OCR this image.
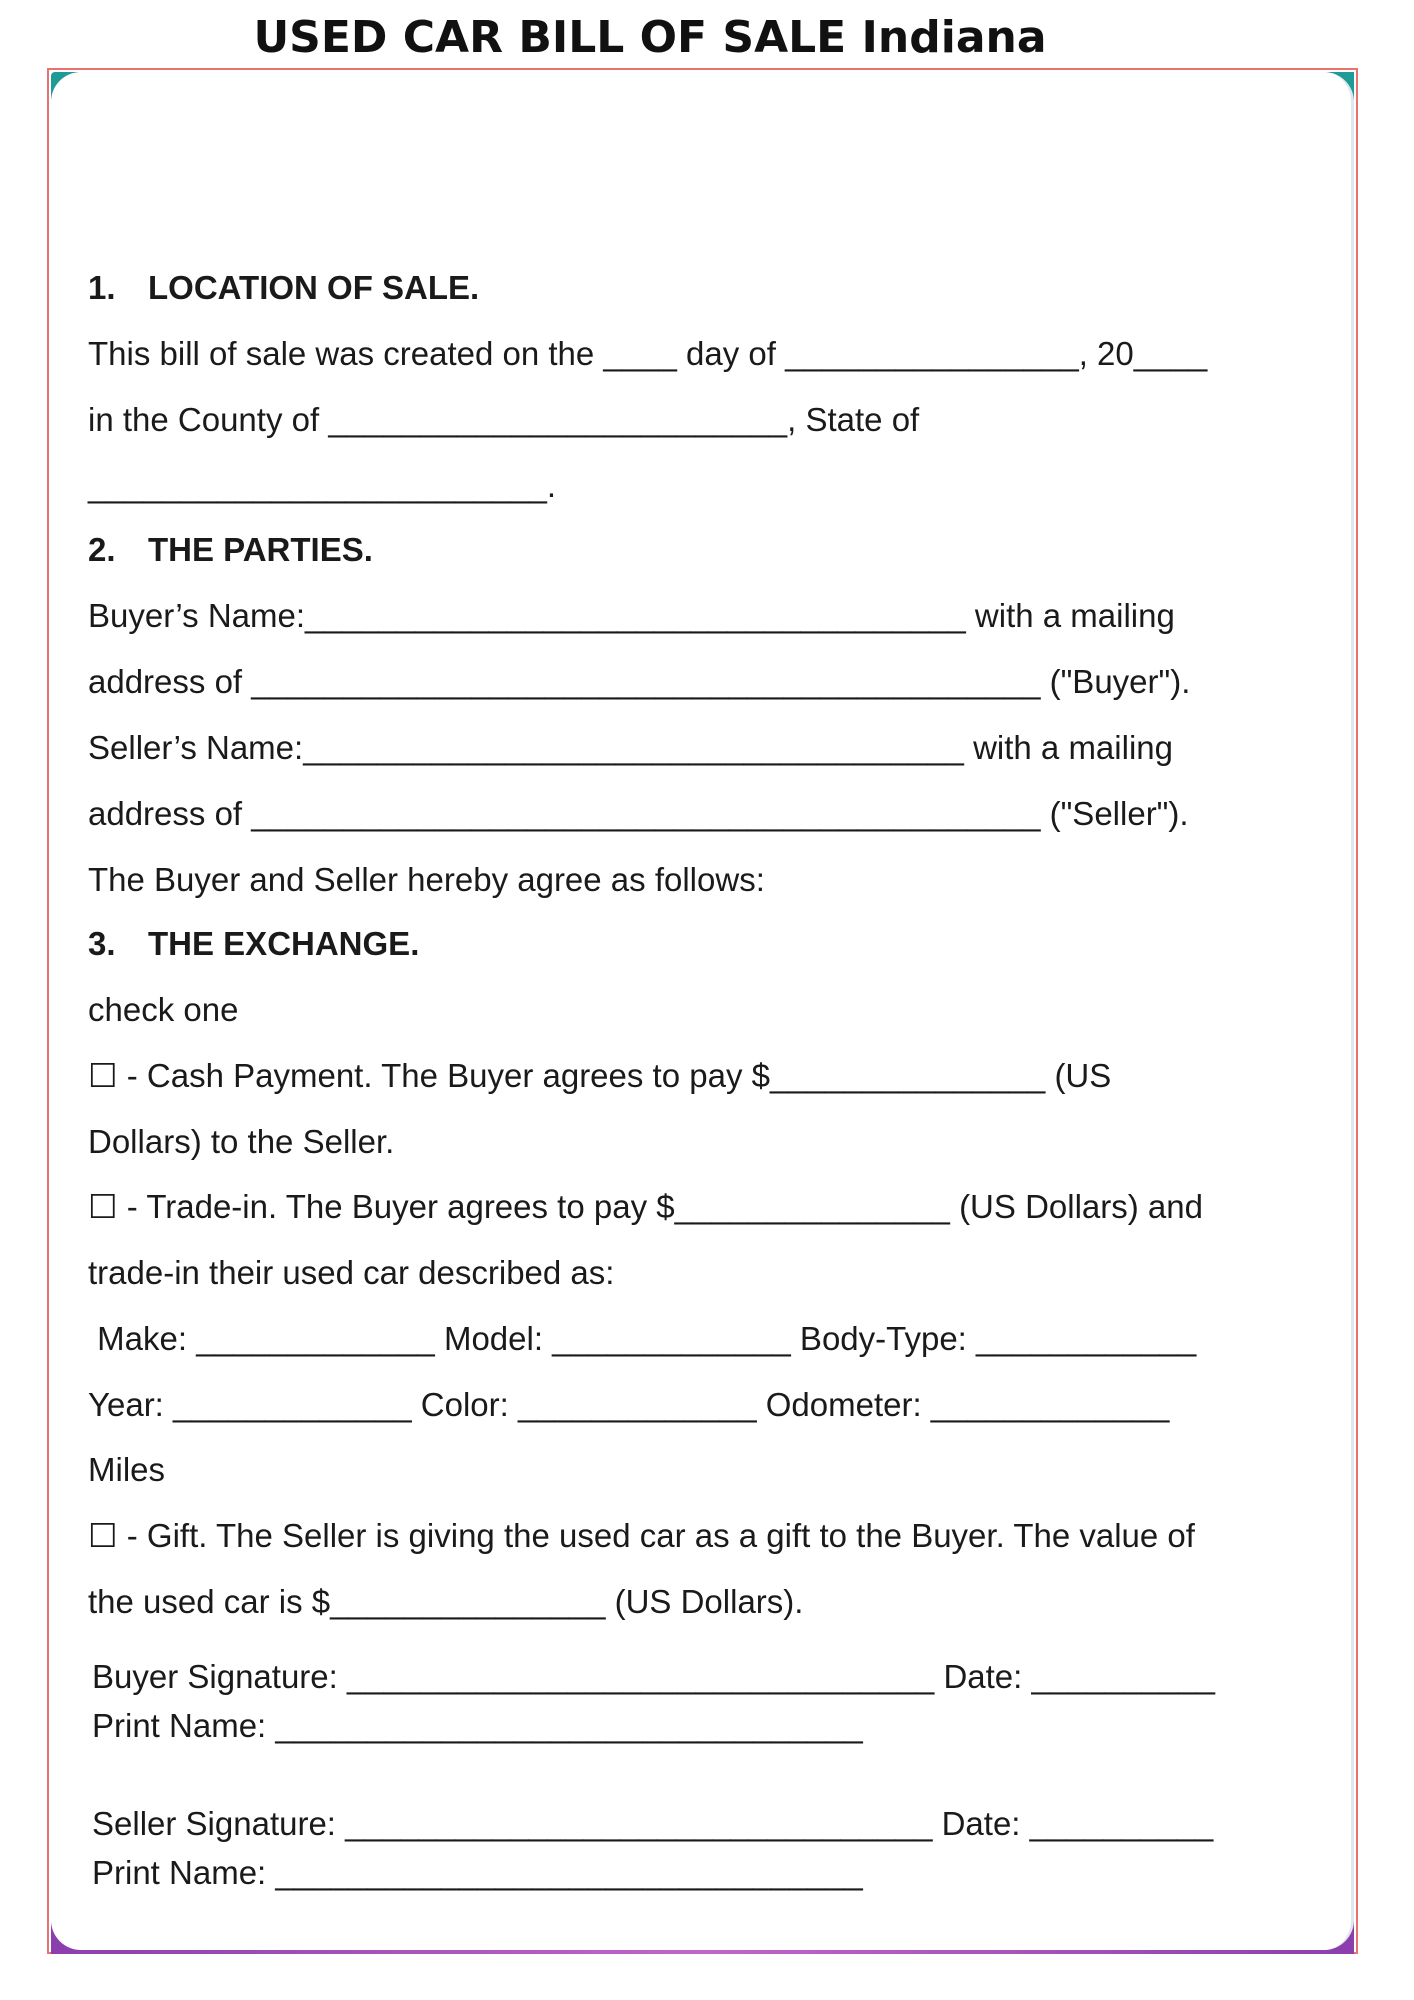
USED CAR BILL OF SALE Indiana
1. LOCATION OF SALE.
This bill of sale was created on the ____ day of ________________, 20____
in the County of _________________________, State of
_________________________.
2. THE PARTIES.
Buyer’s Name:____________________________________ with a mailing
address of ___________________________________________ ("Buyer").
Seller’s Name:____________________________________ with a mailing
address of ___________________________________________ ("Seller").
The Buyer and Seller hereby agree as follows:
3. THE EXCHANGE.
check one
☐ - Cash Payment. The Buyer agrees to pay $_______________ (US
Dollars) to the Seller.
☐ - Trade-in. The Buyer agrees to pay $_______________ (US Dollars) and
trade-in their used car described as:
Make: _____________ Model: _____________ Body-Type: ____________
Year: _____________ Color: _____________ Odometer: _____________
Miles
☐ - Gift. The Seller is giving the used car as a gift to the Buyer. The value of
the used car is $_______________ (US Dollars).
Buyer Signature: ________________________________ Date: __________
Print Name: ________________________________
Seller Signature: ________________________________ Date: __________
Print Name: ________________________________
